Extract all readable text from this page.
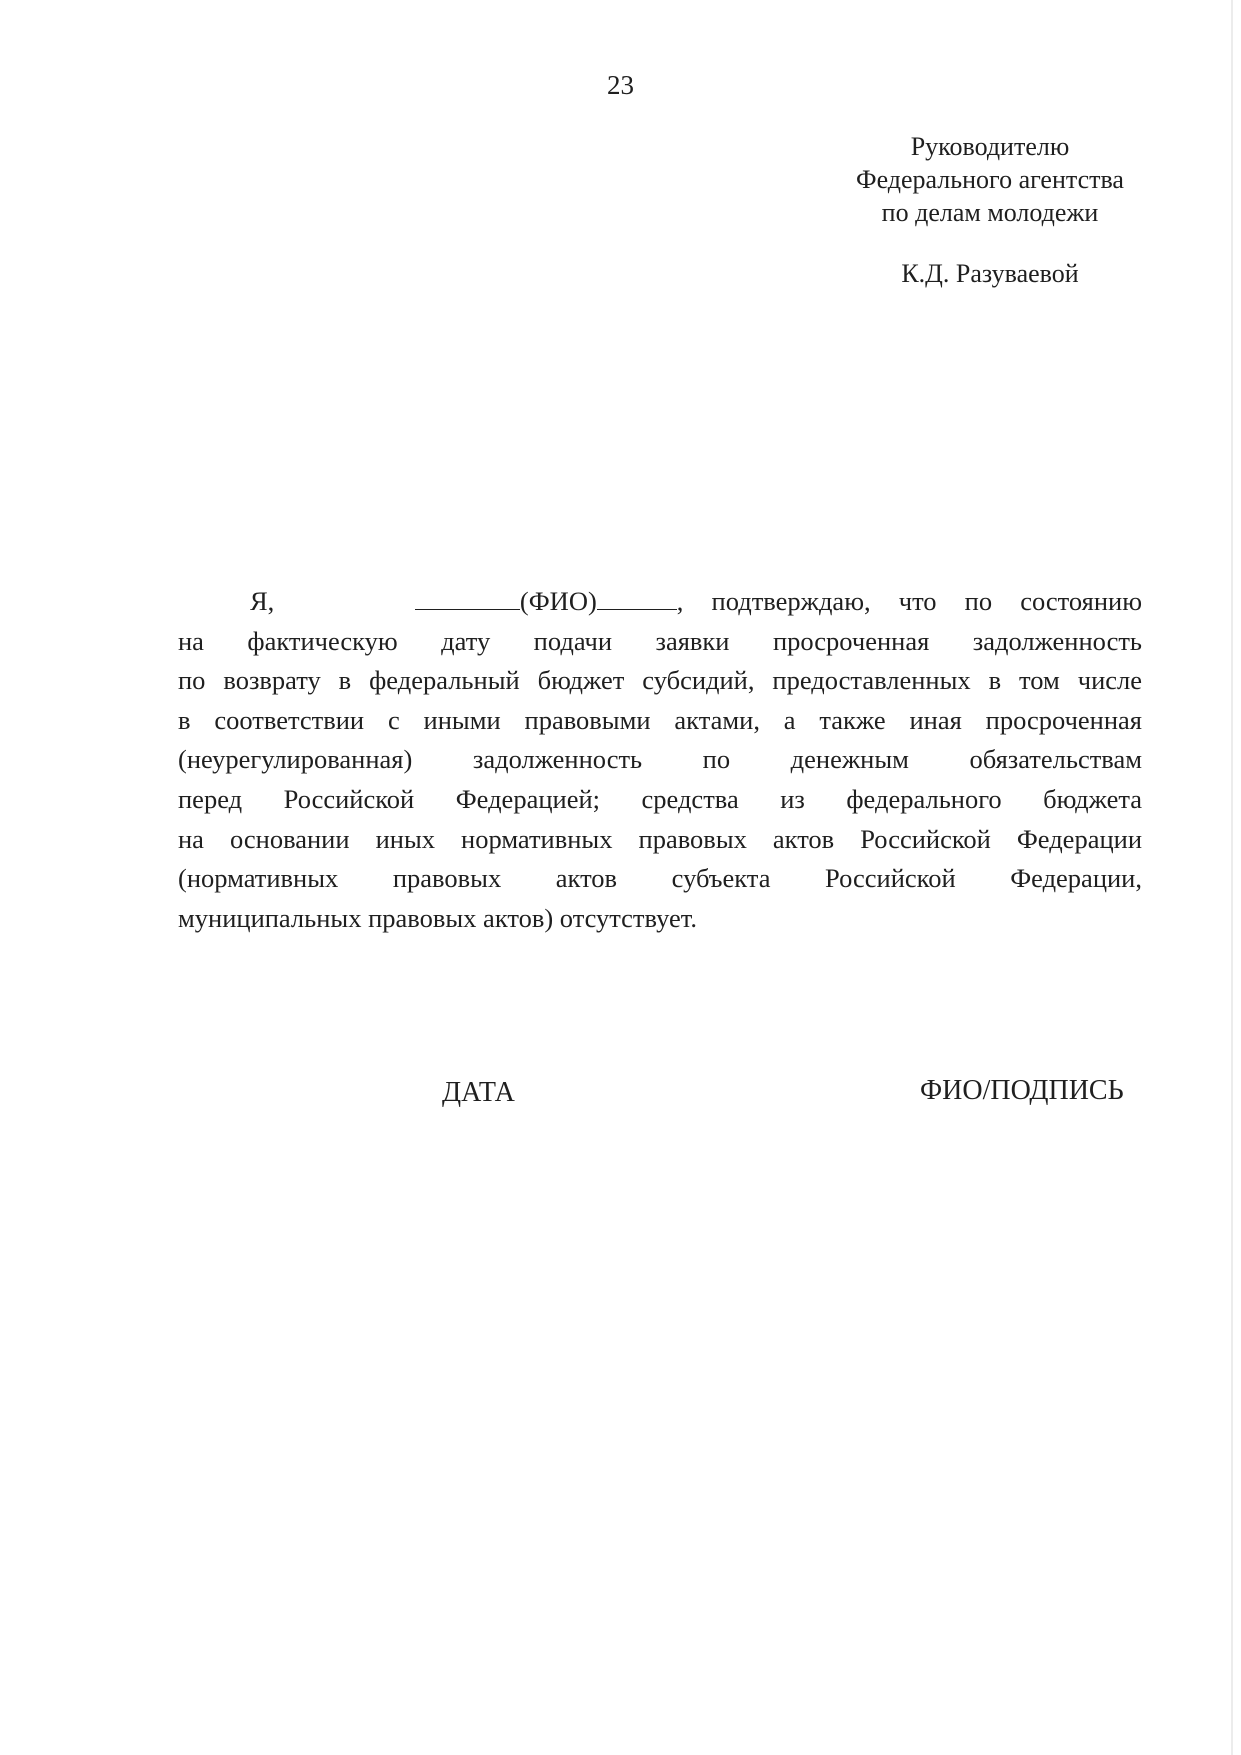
23
Руководителю
Федерального агентства
по делам молодежи
К.Д. Разуваевой
Я,	(ФИО)	, подтверждаю, что по состоянию
на фактическую дату подачи заявки просроченная задолженность
по возврату в федеральный бюджет субсидий, предоставленных в том числе
в соответствии с иными правовыми актами, а также иная просроченная
(неурегулированная) задолженность по денежным обязательствам
перед Российской Федерацией; средства из федерального бюджета
на основании иных нормативных правовых актов Российской Федерации
(нормативных правовых актов субъекта Российской Федерации,
муниципальных правовых актов) отсутствует.
ДАТА	ФИО/ПОДПИСЬ
